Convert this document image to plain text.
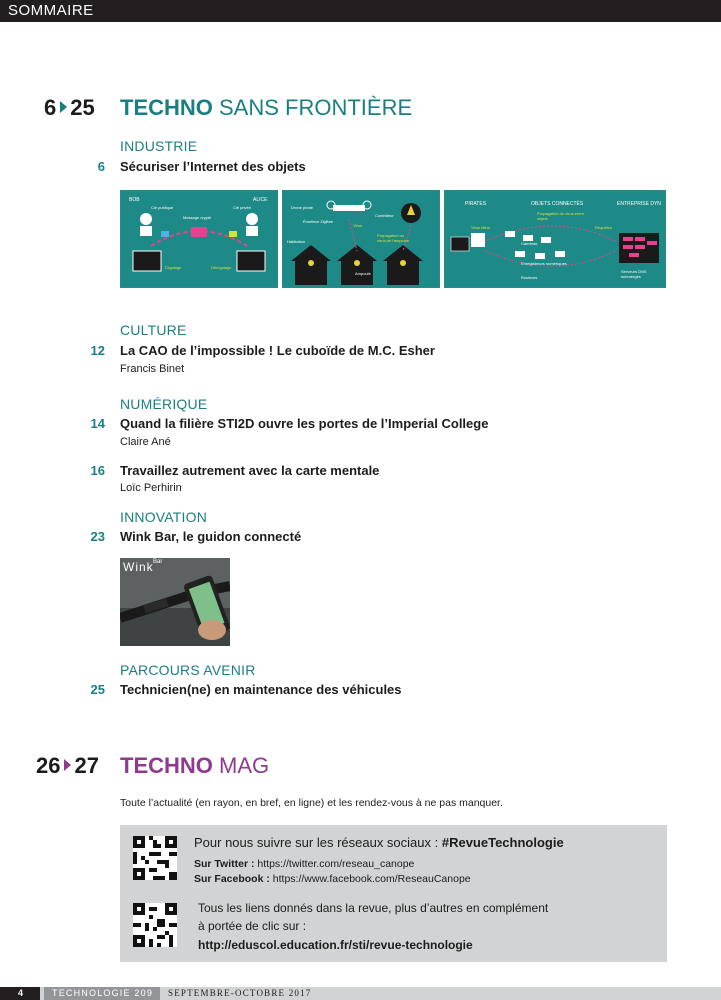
SOMMAIRE
6 25 TECHNO SANS FRONTIÈRE
INDUSTRIE
6 Sécuriser l’Internet des objets
BOB	ALICE
Clé publique	Clé privée
Message crypté
Cryptage	Décryptage
Drone pirate
Émetteur ZigBee
Virus
Contrôleur
Propagation du virus de l'ampoule
Habitation
Ampoule
PIRATES	OBJETS CONNECTÉS	ENTREPRISE DYN
Virus Mirai
Propagation du virus entre objets
Requêtes
Caméras
Enregistreurs numériques
Routeurs
Serveurs DNS submergés
CULTURE
12 La CAO de l’impossible ! Le cuboïde de M.C. Esher
Francis Binet
NUMÉRIQUE
14 Quand la filière STI2D ouvre les portes de l’Imperial College
Claire Ané
16 Travaillez autrement avec la carte mentale
Loïc Perhirin
INNOVATION
23 Wink Bar, le guidon connecté
Wink Bar
PARCOURS AVENIR
25 Technicien(ne) en maintenance des véhicules
26 27 TECHNO MAG
Toute l’actualité (en rayon, en bref, en ligne) et les rendez-vous à ne pas manquer.
Pour nous suivre sur les réseaux sociaux : #RevueTechnologie
Sur Twitter : https://twitter.com/reseau_canope
Sur Facebook : https://www.facebook.com/ReseauCanope
Tous les liens donnés dans la revue, plus d’autres en complément
à portée de clic sur :
http://eduscol.education.fr/sti/revue-technologie
4	TECHNOLOGIE 209	SEPTEMBRE-OCTOBRE 2017
